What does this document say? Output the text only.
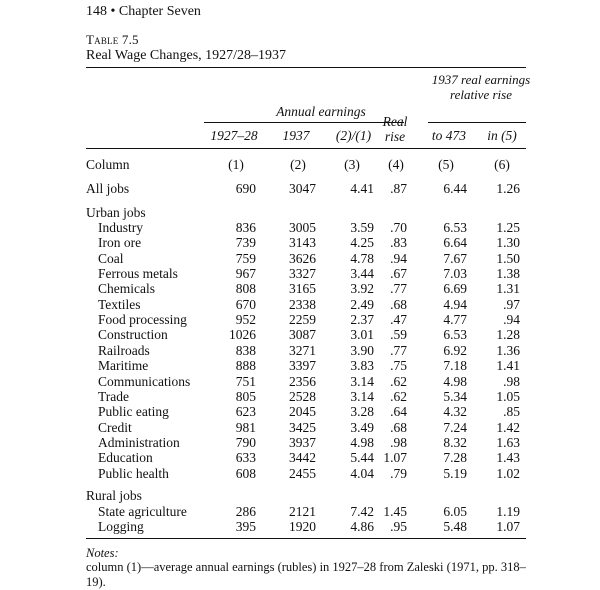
148 • Chapter Seven
Table 7.5
Real Wage Changes, 1927/28–1937
Annual earnings
1937 real earnings relative rise
1927–28	1937	(2)/(1)
Real rise	to 473	in (5)
Column	(1)	(2)	(3)	(4)	(5)	(6)
All jobs	690	3047	4.41	.87	6.44	1.26
Urban jobs
Industry	836	3005	3.59	.70	6.53	1.25
Iron ore	739	3143	4.25	.83	6.64	1.30
Coal	759	3626	4.78	.94	7.67	1.50
Ferrous metals	967	3327	3.44	.67	7.03	1.38
Chemicals	808	3165	3.92	.77	6.69	1.31
Textiles	670	2338	2.49	.68	4.94	.97
Food processing	952	2259	2.37	.47	4.77	.94
Construction	1026	3087	3.01	.59	6.53	1.28
Railroads	838	3271	3.90	.77	6.92	1.36
Maritime	888	3397	3.83	.75	7.18	1.41
Communications	751	2356	3.14	.62	4.98	.98
Trade	805	2528	3.14	.62	5.34	1.05
Public eating	623	2045	3.28	.64	4.32	.85
Credit	981	3425	3.49	.68	7.24	1.42
Administration	790	3937	4.98	.98	8.32	1.63
Education	633	3442	5.44 1.07	7.28	1.43
Public health	608	2455	4.04	.79	5.19	1.02
Rural jobs
State agriculture	286	2121	7.42 1.45	6.05	1.19
Logging	395	1920	4.86	.95	5.48	1.07
Notes:
column (1)—average annual earnings (rubles) in 1927–28 from Zaleski (1971, pp. 318–19).
